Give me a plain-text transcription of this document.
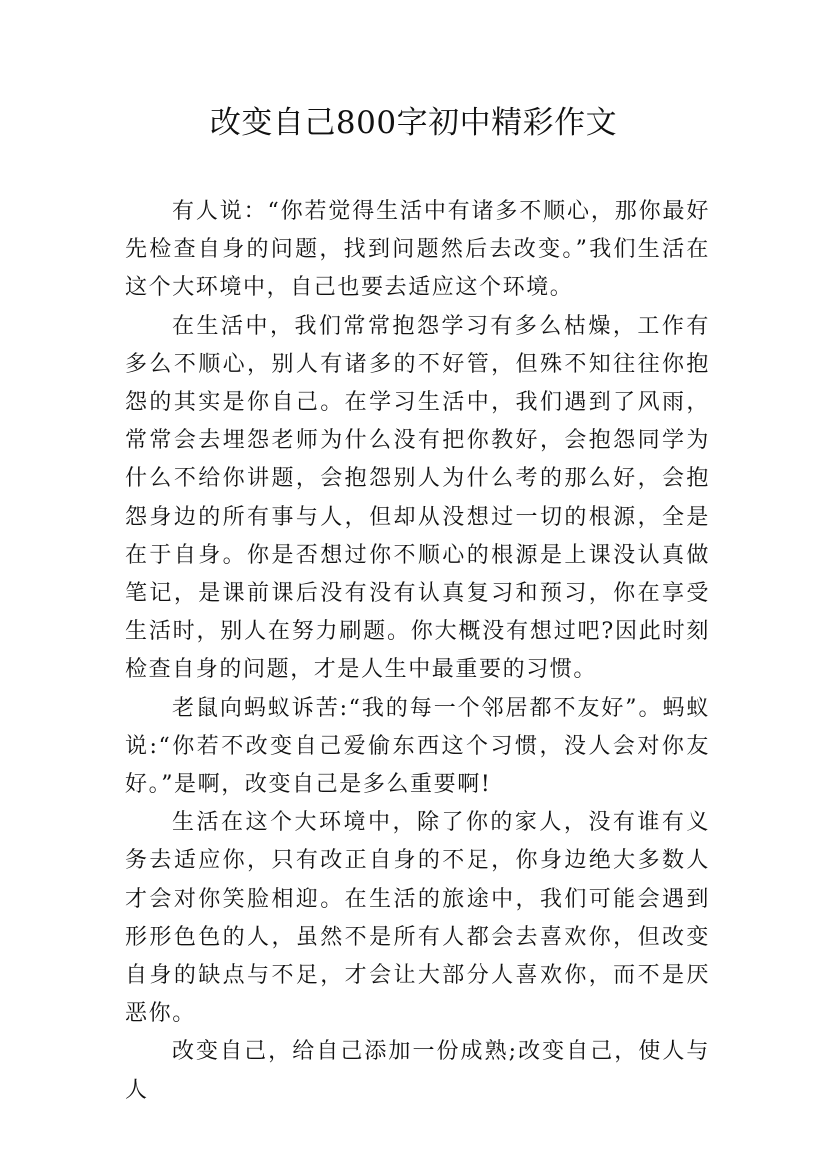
改变自己800字初中精彩作文

有人说：“你若觉得生活中有诸多不顺心，那你最好先检查自身的问题，找到问题然后去改变。”我们生活在这个大环境中，自己也要去适应这个环境。

在生活中，我们常常抱怨学习有多么枯燥，工作有多么不顺心，别人有诸多的不好管，但殊不知往往你抱怨的其实是你自己。在学习生活中，我们遇到了风雨，常常会去埋怨老师为什么没有把你教好，会抱怨同学为什么不给你讲题，会抱怨别人为什么考的那么好，会抱怨身边的所有事与人，但却从没想过一切的根源，全是在于自身。你是否想过你不顺心的根源是上课没认真做笔记，是课前课后没有没有认真复习和预习，你在享受生活时，别人在努力刷题。你大概没有想过吧?因此时刻检查自身的问题，才是人生中最重要的习惯。

老鼠向蚂蚁诉苦:“我的每一个邻居都不友好”。蚂蚁说:“你若不改变自己爱偷东西这个习惯，没人会对你友好。”是啊，改变自己是多么重要啊!

生活在这个大环境中，除了你的家人，没有谁有义务去适应你，只有改正自身的不足，你身边绝大多数人才会对你笑脸相迎。在生活的旅途中，我们可能会遇到形形色色的人，虽然不是所有人都会去喜欢你，但改变自身的缺点与不足，才会让大部分人喜欢你，而不是厌恶你。

改变自己，给自己添加一份成熟;改变自己，使人与人
